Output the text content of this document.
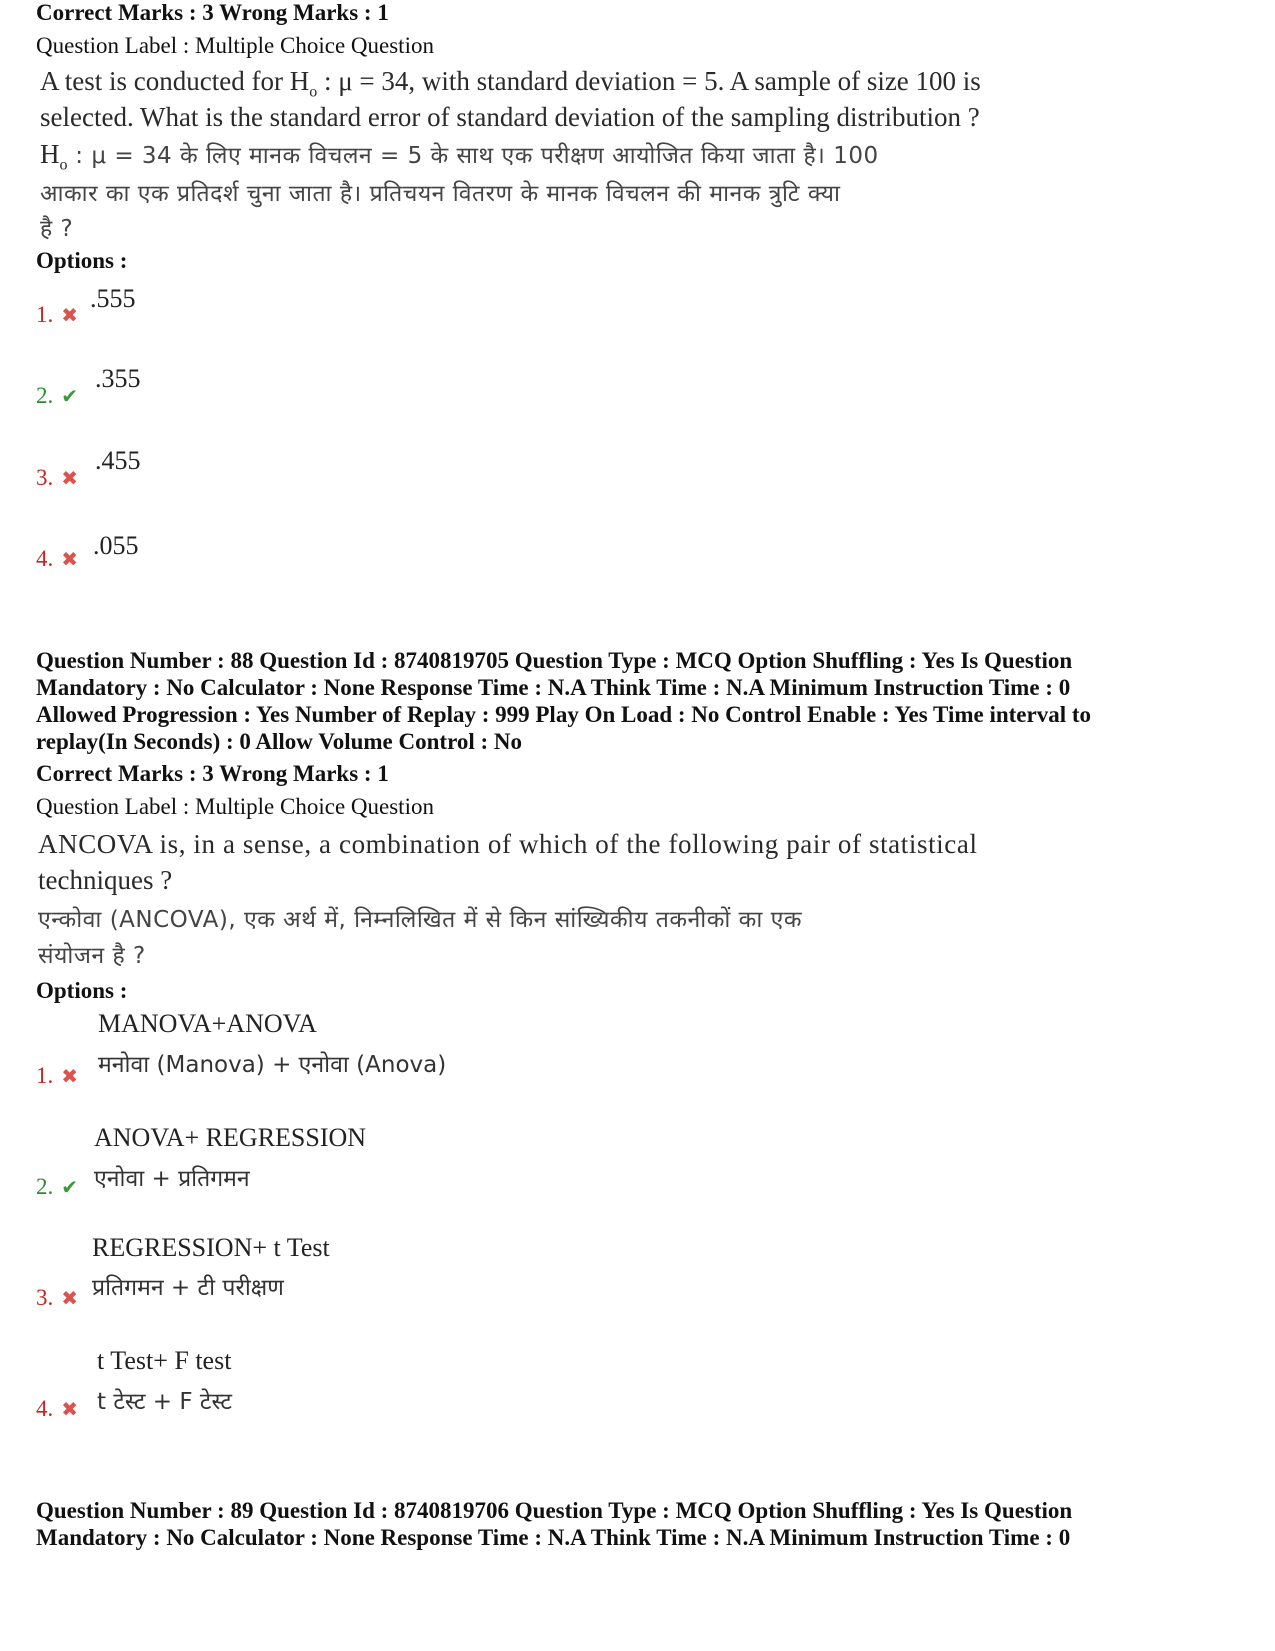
Correct Marks : 3 Wrong Marks : 1
Question Label : Multiple Choice Question
A test is conducted for $H_o$ : μ = 34, with standard deviation = 5. A sample of size 100 is
selected. What is the standard error of standard deviation of the sampling distribution ?
$H_o$ : μ = 34 के लिए मानक विचलन = 5 के साथ एक परीक्षण आयोजित किया जाता है। 100
आकार का एक प्रतिदर्श चुना जाता है। प्रतिचयन वितरण के मानक विचलन की मानक त्रुटि क्या
है ?
Options :
1. ✖
.555
2. ✔
.355
3. ✖
.455
4. ✖ .055
Question Number : 88 Question Id : 8740819705 Question Type : MCQ Option Shuffling : Yes Is Question
Mandatory : No Calculator : None Response Time : N.A Think Time : N.A Minimum Instruction Time : 0
Allowed Progression : Yes Number of Replay : 999 Play On Load : No Control Enable : Yes Time interval to
replay(In Seconds) : 0 Allow Volume Control : No
Correct Marks : 3 Wrong Marks : 1
Question Label : Multiple Choice Question
ANCOVA is, in a sense, a combination of which of the following pair of statistical
techniques ?
एन्कोवा (ANCOVA), एक अर्थ में, निम्नलिखित में से किन सांख्यिकीय तकनीकों का एक
संयोजन है ?
Options :
1. ✖
MANOVA+ANOVA
मनोवा (Manova) + एनोवा (Anova)
2. ✔
ANOVA+ REGRESSION
एनोवा + प्रतिगमन
3. ✖
REGRESSION+ t Test
प्रतिगमन + टी परीक्षण
4. ✖
t Test+ F test
t टेस्ट + F टेस्ट
Question Number : 89 Question Id : 8740819706 Question Type : MCQ Option Shuffling : Yes Is Question
Mandatory : No Calculator : None Response Time : N.A Think Time : N.A Minimum Instruction Time : 0
